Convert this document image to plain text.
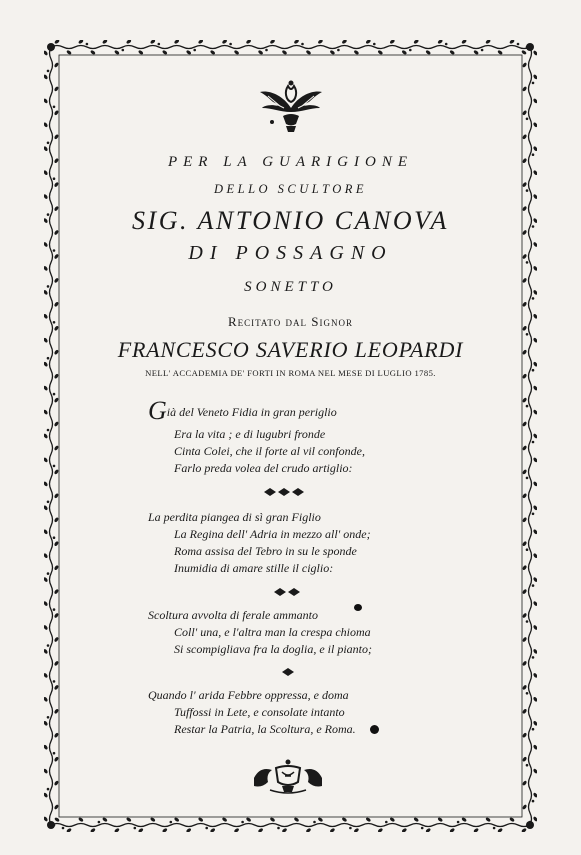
PER LA GUARIGIONE
DELLO SCULTORE
SIG. ANTONIO CANOVA
DI POSSAGNO
SONETTO
Recitato dal Signor
FRANCESCO SAVERIO LEOPARDI
NELL' ACCADEMIA DE' FORTI IN ROMA NEL MESE DI LUGLIO 1785.
Già del Veneto Fidia in gran periglio
Era la vita ; e di lugubri fronde
Cinta Colei, che il forte al vil confonde,
Farlo preda volea del crudo artiglio:
La perdita piangea di sì gran Figlio
La Regina dell' Adria in mezzo all' onde;
Roma assisa del Tebro in su le sponde
Inumidia di amare stille il ciglio:
Scoltura avvolta di ferale ammanto
Coll' una, e l'altra man la crespa chioma
Si scompigliava fra la doglia, e il pianto;
Quando l' arida Febbre oppressa, e doma
Tuffossi in Lete, e consolate intanto
Restar la Patria, la Scoltura, e Roma.
